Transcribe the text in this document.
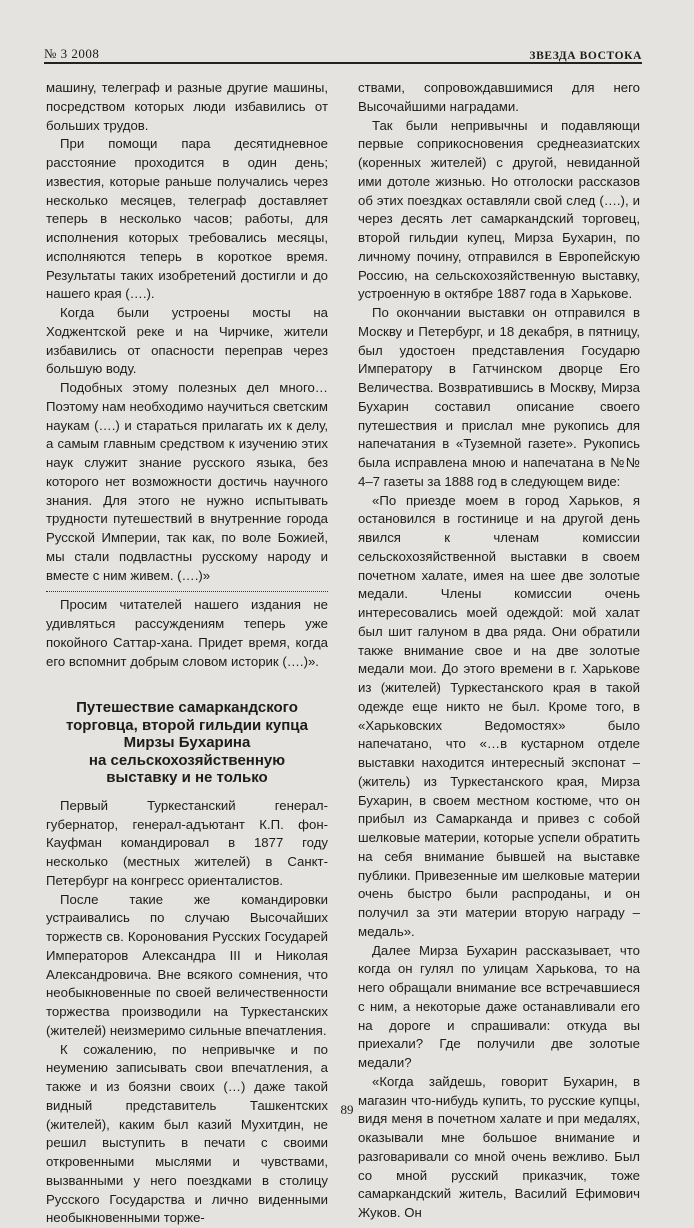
№ 3 2008	ЗВЕЗДА ВОСТОКА

машину, телеграф и разные другие машины, посредством которых люди избавились от больших трудов.

При помощи пара десятидневное расстояние проходится в один день; известия, которые раньше получались через несколько месяцев, телеграф доставляет теперь в несколько часов; работы, для исполнения которых требовались месяцы, исполняются теперь в короткое время. Результаты таких изобретений достигли и до нашего края (….).

Когда были устроены мосты на Ходжентской реке и на Чирчике, жители избавились от опасности переправ через большую воду.

Подобных этому полезных дел много… Поэтому нам необходимо научиться светским наукам (….) и стараться прилагать их к делу, а самым главным средством к изучению этих наук служит знание русского языка, без которого нет возможности достичь научного знания. Для этого не нужно испытывать трудности путешествий в внутренние города Русской Империи, так как, по воле Божией, мы стали подвластны русскому народу и вместе с ним живем. (….)»

Просим читателей нашего издания не удивляться рассуждениям теперь уже покойного Саттар-хана. Придет время, когда его вспомнит добрым словом историк (….)».

Путешествие самаркандского
торговца, второй гильдии купца
Мирзы Бухарина
на сельскохозяйственную
выставку и не только

Первый Туркестанский генерал-губернатор, генерал-адъютант К.П. фон-Кауфман командировал в 1877 году несколько (местных жителей) в Санкт-Петербург на конгресс ориенталистов.

После такие же командировки устраивались по случаю Высочайших торжеств св. Коронования Русских Государей Императоров Александра III и Николая Александровича. Вне всякого сомнения, что необыкновенные по своей величественности торжества производили на Туркестанских (жителей) неизмеримо сильные впечатления.

К сожалению, по непривычке и по неумению записывать свои впечатления, а также и из боязни своих (…) даже такой видный представитель Ташкентских (жителей), каким был казий Мухитдин, не решил выступить в печати с своими откровенными мыслями и чувствами, вызванными у него поездками в столицу Русского Государства и лично виденными необыкновенными торже-

ствами, сопровождавшимися для него Высочайшими наградами.

Так были непривычны и подавляющи первые соприкосновения среднеазиатских (коренных жителей) с другой, невиданной ими дотоле жизнью. Но отголоски рассказов об этих поездках оставляли свой след (….), и через десять лет самаркандский торговец, второй гильдии купец, Мирза Бухарин, по личному почину, отправился в Европейскую Россию, на сельскохозяйственную выставку, устроенную в октябре 1887 года в Харькове.

По окончании выставки он отправился в Москву и Петербург, и 18 декабря, в пятницу, был удостоен представления Государю Императору в Гатчинском дворце Его Величества. Возвратившись в Москву, Мирза Бухарин составил описание своего путешествия и прислал мне рукопись для напечатания в «Туземной газете». Рукопись была исправлена мною и напечатана в №№ 4–7 газеты за 1888 год в следующем виде:

«По приезде моем в город Харьков, я остановился в гостинице и на другой день явился к членам комиссии сельскохозяйственной выставки в своем почетном халате, имея на шее две золотые медали. Члены комиссии очень интересовались моей одеждой: мой халат был шит галуном в два ряда. Они обратили также внимание свое и на две золотые медали мои. До этого времени в г. Харькове из (жителей) Туркестанского края в такой одежде еще никто не был. Кроме того, в «Харьковских Ведомостях» было напечатано, что «…в кустарном отделе выставки находится интересный экспонат – (житель) из Туркестанского края, Мирза Бухарин, в своем местном костюме, что он прибыл из Самарканда и привез с собой шелковые материи, которые успели обратить на себя внимание бывшей на выставке публики. Привезенные им шелковые материи очень быстро были распроданы, и он получил за эти материи вторую награду – медаль».

Далее Мирза Бухарин рассказывает, что когда он гулял по улицам Харькова, то на него обращали внимание все встречавшиеся с ним, а некоторые даже останавливали его на дороге и спрашивали: откуда вы приехали? Где получили две золотые медали?

«Когда зайдешь, говорит Бухарин, в магазин что-нибудь купить, то русские купцы, видя меня в почетном халате и при медалях, оказывали мне большое внимание и разговаривали со мной очень вежливо. Был со мной русский приказчик, тоже самаркандский житель, Василий Ефимович Жуков. Он

89
